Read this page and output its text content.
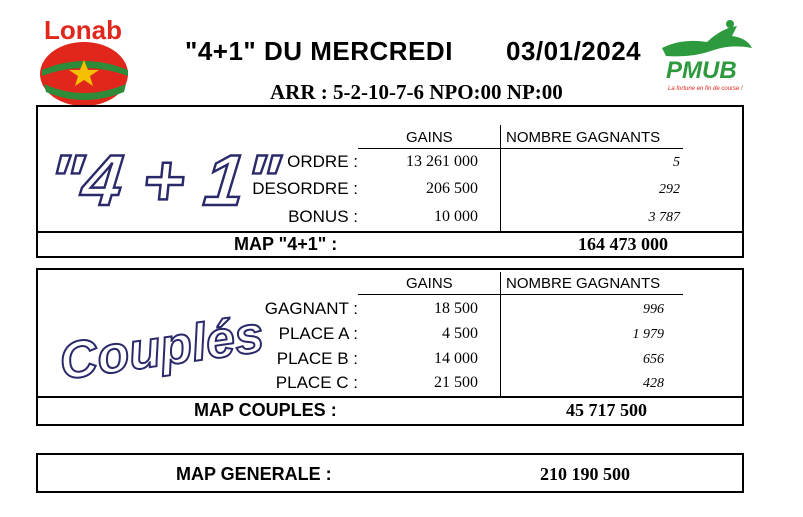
Lonab
"4+1" DU MERCREDI 03/01/2024
ARR : 5-2-10-7-6 NPO:00 NP:00
PMUB
La fortune en fin de course !
"4 + 1"
GAINS	NOMBRE GAGNANTS
ORDRE :	13 261 000	5
DESORDRE :	206 500	292
BONUS :	10 000	3 787
MAP "4+1" :	164 473 000
Couplés
GAINS	NOMBRE GAGNANTS
GAGNANT :	18 500	996
PLACE A :	4 500	1 979
PLACE B :	14 000	656
PLACE C :	21 500	428
MAP COUPLES :	45 717 500
MAP GENERALE :	210 190 500
